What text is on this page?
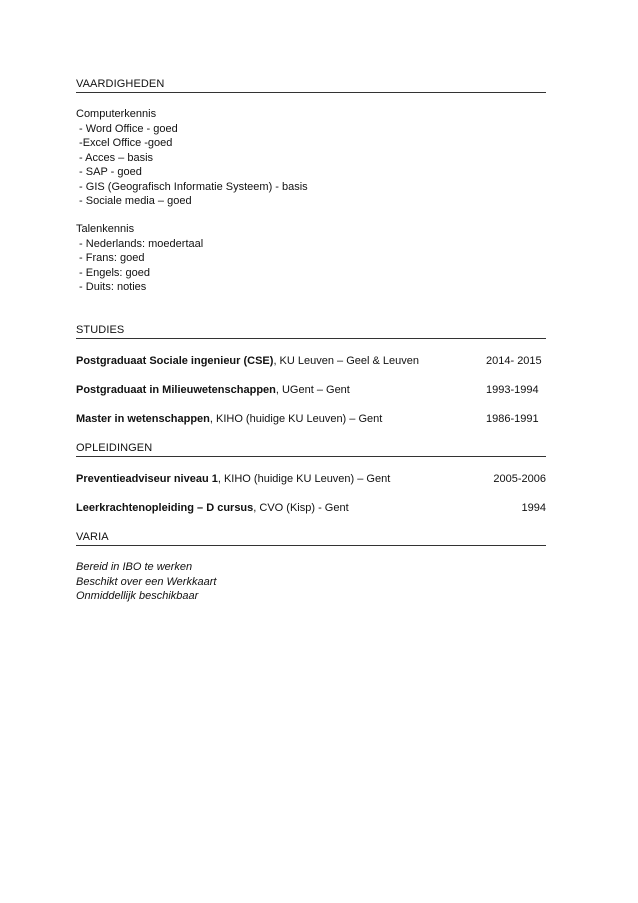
VAARDIGHEDEN
Computerkennis
- Word Office - goed
-Excel Office -goed
- Acces – basis
- SAP - goed
- GIS (Geografisch Informatie Systeem) - basis
- Sociale media – goed
Talenkennis
- Nederlands: moedertaal
- Frans: goed
- Engels: goed
- Duits: noties
STUDIES
Postgraduaat Sociale ingenieur (CSE), KU Leuven – Geel & Leuven	2014- 2015
Postgraduaat in Milieuwetenschappen, UGent – Gent	1993-1994
Master in wetenschappen, KIHO (huidige KU Leuven) – Gent	1986-1991
OPLEIDINGEN
Preventieadviseur niveau 1, KIHO (huidige KU Leuven) – Gent	2005-2006
Leerkrachtenopleiding – D cursus, CVO (Kisp) - Gent	1994
VARIA
Bereid in IBO te werken
Beschikt over een Werkkaart
Onmiddellijk beschikbaar
